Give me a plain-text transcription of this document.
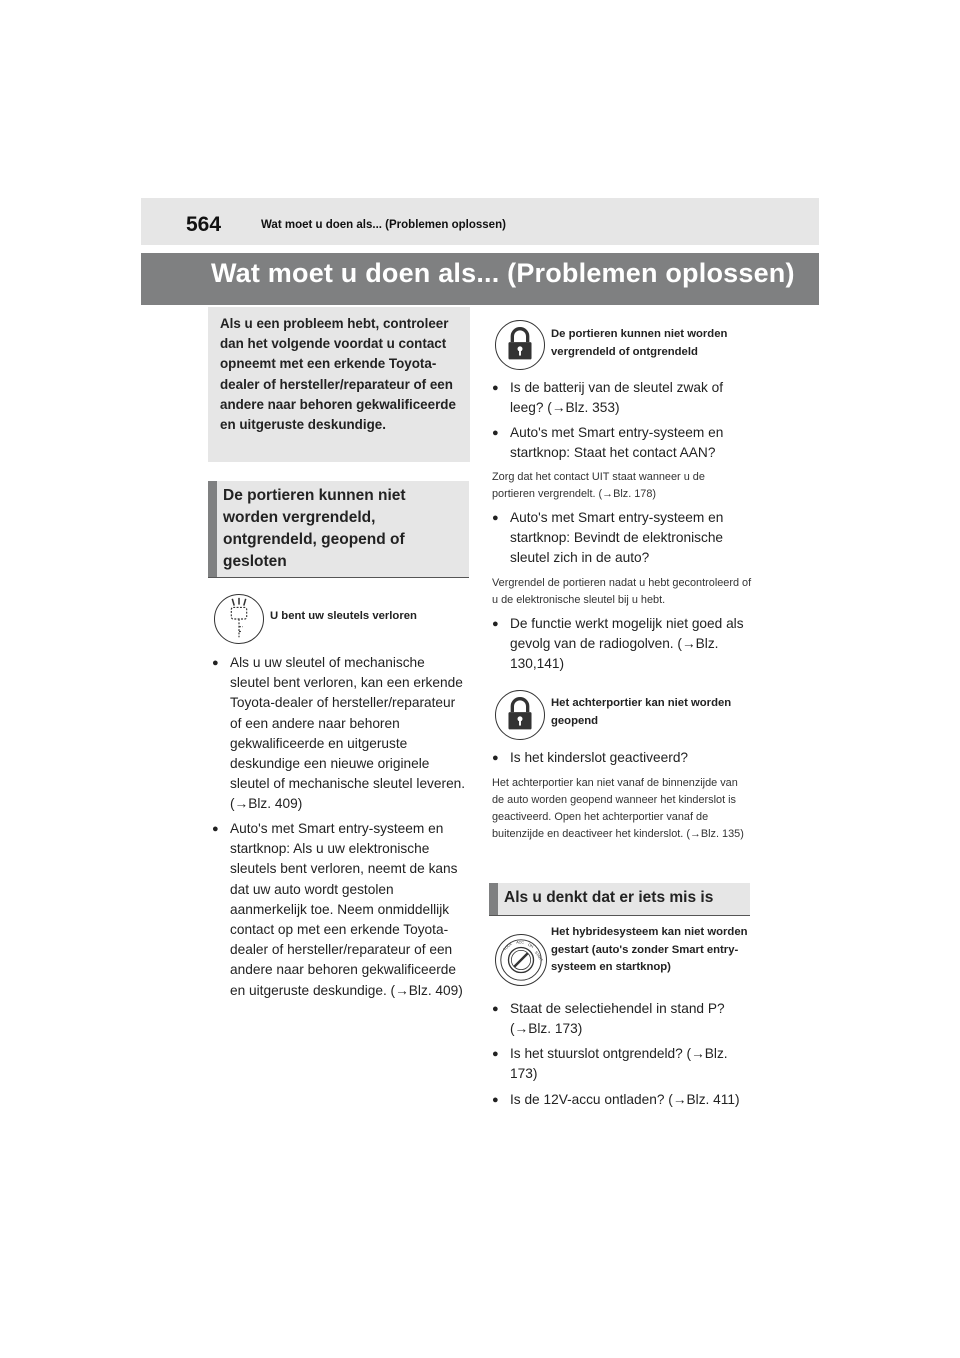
564	Wat moet u doen als... (Problemen oplossen)
Wat moet u doen als... (Problemen oplossen)
Als u een probleem hebt, controleer dan het volgende voordat u contact opneemt met een erkende Toyota-dealer of hersteller/reparateur of een andere naar behoren gekwalificeerde en uitgeruste deskundige.
De portieren kunnen niet worden vergrendeld, ontgrendeld, geopend of gesloten
U bent uw sleutels verloren
● Als u uw sleutel of mechanische sleutel bent verloren, kan een erkende Toyota-dealer of hersteller/reparateur of een andere naar behoren gekwalificeerde en uitgeruste deskundige een nieuwe originele sleutel of mechanische sleutel leveren. (→Blz. 409)
● Auto's met Smart entry-systeem en startknop: Als u uw elektronische sleutels bent verloren, neemt de kans dat uw auto wordt gestolen aanmerkelijk toe. Neem onmiddellijk contact op met een erkende Toyota-dealer of hersteller/reparateur of een andere naar behoren gekwalificeerde en uitgeruste deskundige. (→Blz. 409)
De portieren kunnen niet worden vergrendeld of ontgrendeld
● Is de batterij van de sleutel zwak of leeg? (→Blz. 353)
● Auto's met Smart entry-systeem en startknop: Staat het contact AAN?
Zorg dat het contact UIT staat wanneer u de portieren vergrendelt. (→Blz. 178)
● Auto's met Smart entry-systeem en startknop: Bevindt de elektronische sleutel zich in de auto?
Vergrendel de portieren nadat u hebt gecontroleerd of u de elektronische sleutel bij u hebt.
● De functie werkt mogelijk niet goed als gevolg van de radiogolven. (→Blz. 130,141)
Het achterportier kan niet worden geopend
● Is het kinderslot geactiveerd?
Het achterportier kan niet vanaf de binnenzijde van de auto worden geopend wanneer het kinderslot is geactiveerd. Open het achterportier vanaf de buitenzijde en deactiveer het kinderslot. (→Blz. 135)
Als u denkt dat er iets mis is
LOCK ACC
ON
START
Het hybridesysteem kan niet worden gestart (auto's zonder Smart entry-systeem en startknop)
● Staat de selectiehendel in stand P? (→Blz. 173)
● Is het stuurslot ontgrendeld? (→Blz. 173)
● Is de 12V-accu ontladen? (→Blz. 411)
